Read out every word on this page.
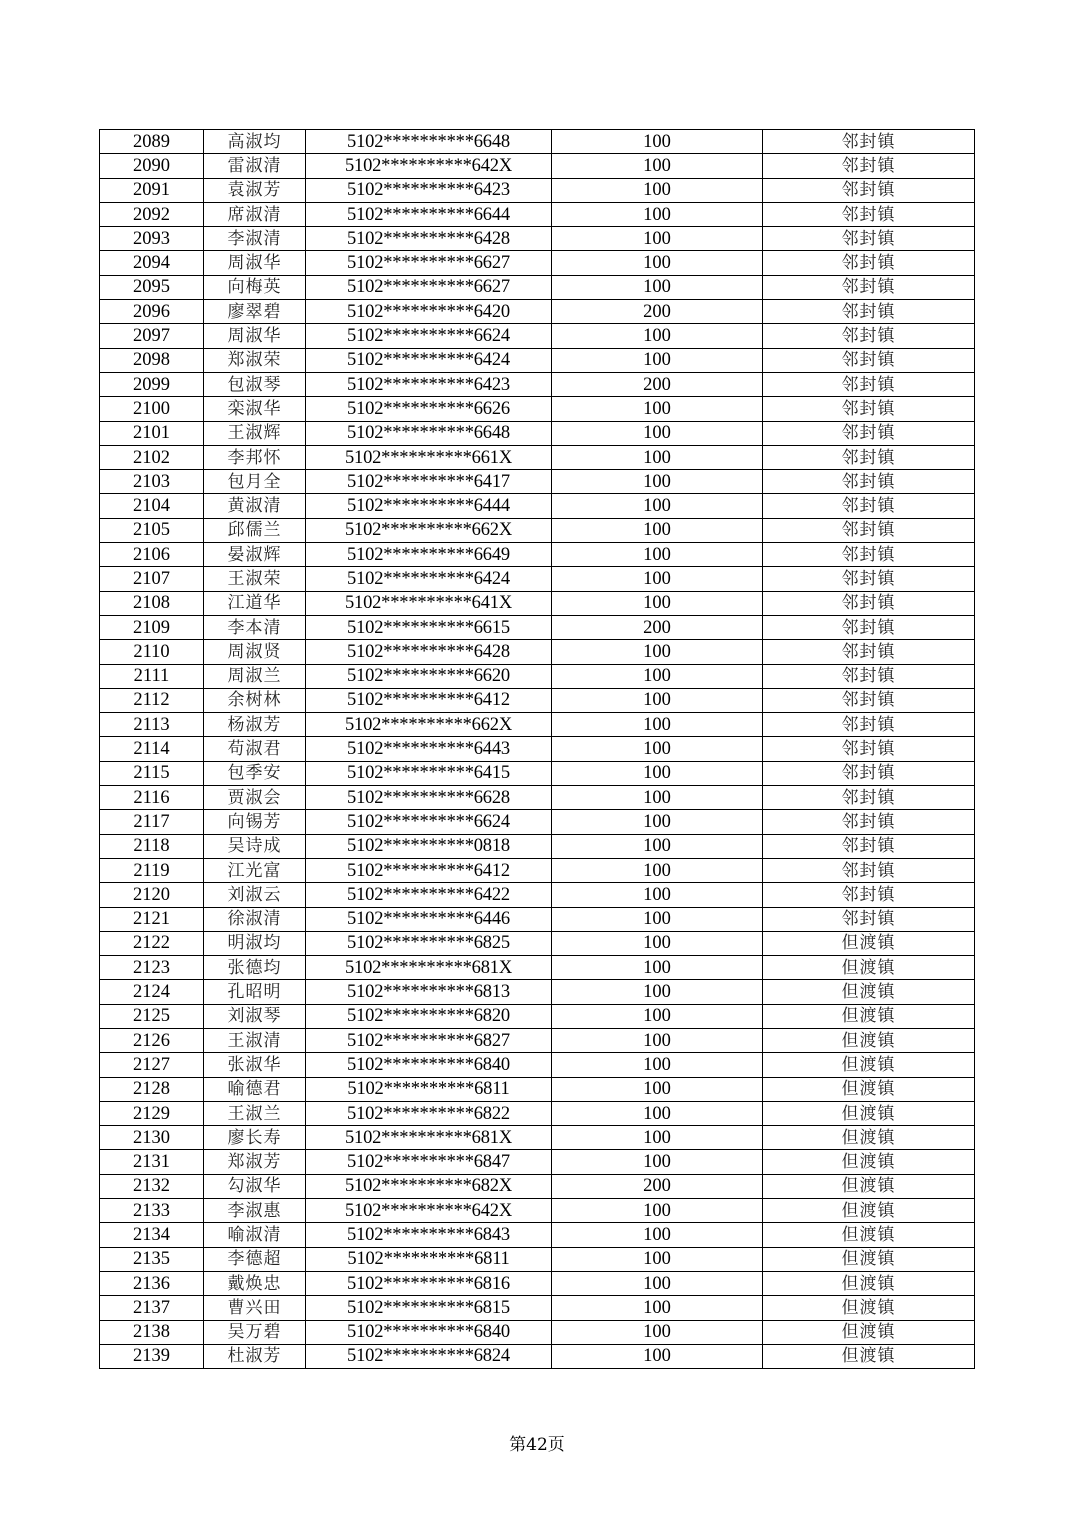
2089	高淑均	5102**********6648	100	邻封镇
2090	雷淑清	5102**********642X	100	邻封镇
2091	袁淑芳	5102**********6423	100	邻封镇
2092	席淑清	5102**********6644	100	邻封镇
2093	李淑清	5102**********6428	100	邻封镇
2094	周淑华	5102**********6627	100	邻封镇
2095	向梅英	5102**********6627	100	邻封镇
2096	廖翠碧	5102**********6420	200	邻封镇
2097	周淑华	5102**********6624	100	邻封镇
2098	郑淑荣	5102**********6424	100	邻封镇
2099	包淑琴	5102**********6423	200	邻封镇
2100	栾淑华	5102**********6626	100	邻封镇
2101	王淑辉	5102**********6648	100	邻封镇
2102	李邦怀	5102**********661X	100	邻封镇
2103	包月全	5102**********6417	100	邻封镇
2104	黄淑清	5102**********6444	100	邻封镇
2105	邱儒兰	5102**********662X	100	邻封镇
2106	晏淑辉	5102**********6649	100	邻封镇
2107	王淑荣	5102**********6424	100	邻封镇
2108	江道华	5102**********641X	100	邻封镇
2109	李本清	5102**********6615	200	邻封镇
2110	周淑贤	5102**********6428	100	邻封镇
2111	周淑兰	5102**********6620	100	邻封镇
2112	余树林	5102**********6412	100	邻封镇
2113	杨淑芳	5102**********662X	100	邻封镇
2114	苟淑君	5102**********6443	100	邻封镇
2115	包季安	5102**********6415	100	邻封镇
2116	贾淑会	5102**********6628	100	邻封镇
2117	向锡芳	5102**********6624	100	邻封镇
2118	吴诗成	5102**********0818	100	邻封镇
2119	江光富	5102**********6412	100	邻封镇
2120	刘淑云	5102**********6422	100	邻封镇
2121	徐淑清	5102**********6446	100	邻封镇
2122	明淑均	5102**********6825	100	但渡镇
2123	张德均	5102**********681X	100	但渡镇
2124	孔昭明	5102**********6813	100	但渡镇
2125	刘淑琴	5102**********6820	100	但渡镇
2126	王淑清	5102**********6827	100	但渡镇
2127	张淑华	5102**********6840	100	但渡镇
2128	喻德君	5102**********6811	100	但渡镇
2129	王淑兰	5102**********6822	100	但渡镇
2130	廖长寿	5102**********681X	100	但渡镇
2131	郑淑芳	5102**********6847	100	但渡镇
2132	勾淑华	5102**********682X	200	但渡镇
2133	李淑惠	5102**********642X	100	但渡镇
2134	喻淑清	5102**********6843	100	但渡镇
2135	李德超	5102**********6811	100	但渡镇
2136	戴焕忠	5102**********6816	100	但渡镇
2137	曹兴田	5102**********6815	100	但渡镇
2138	吴万碧	5102**********6840	100	但渡镇
2139	杜淑芳	5102**********6824	100	但渡镇
第42页
